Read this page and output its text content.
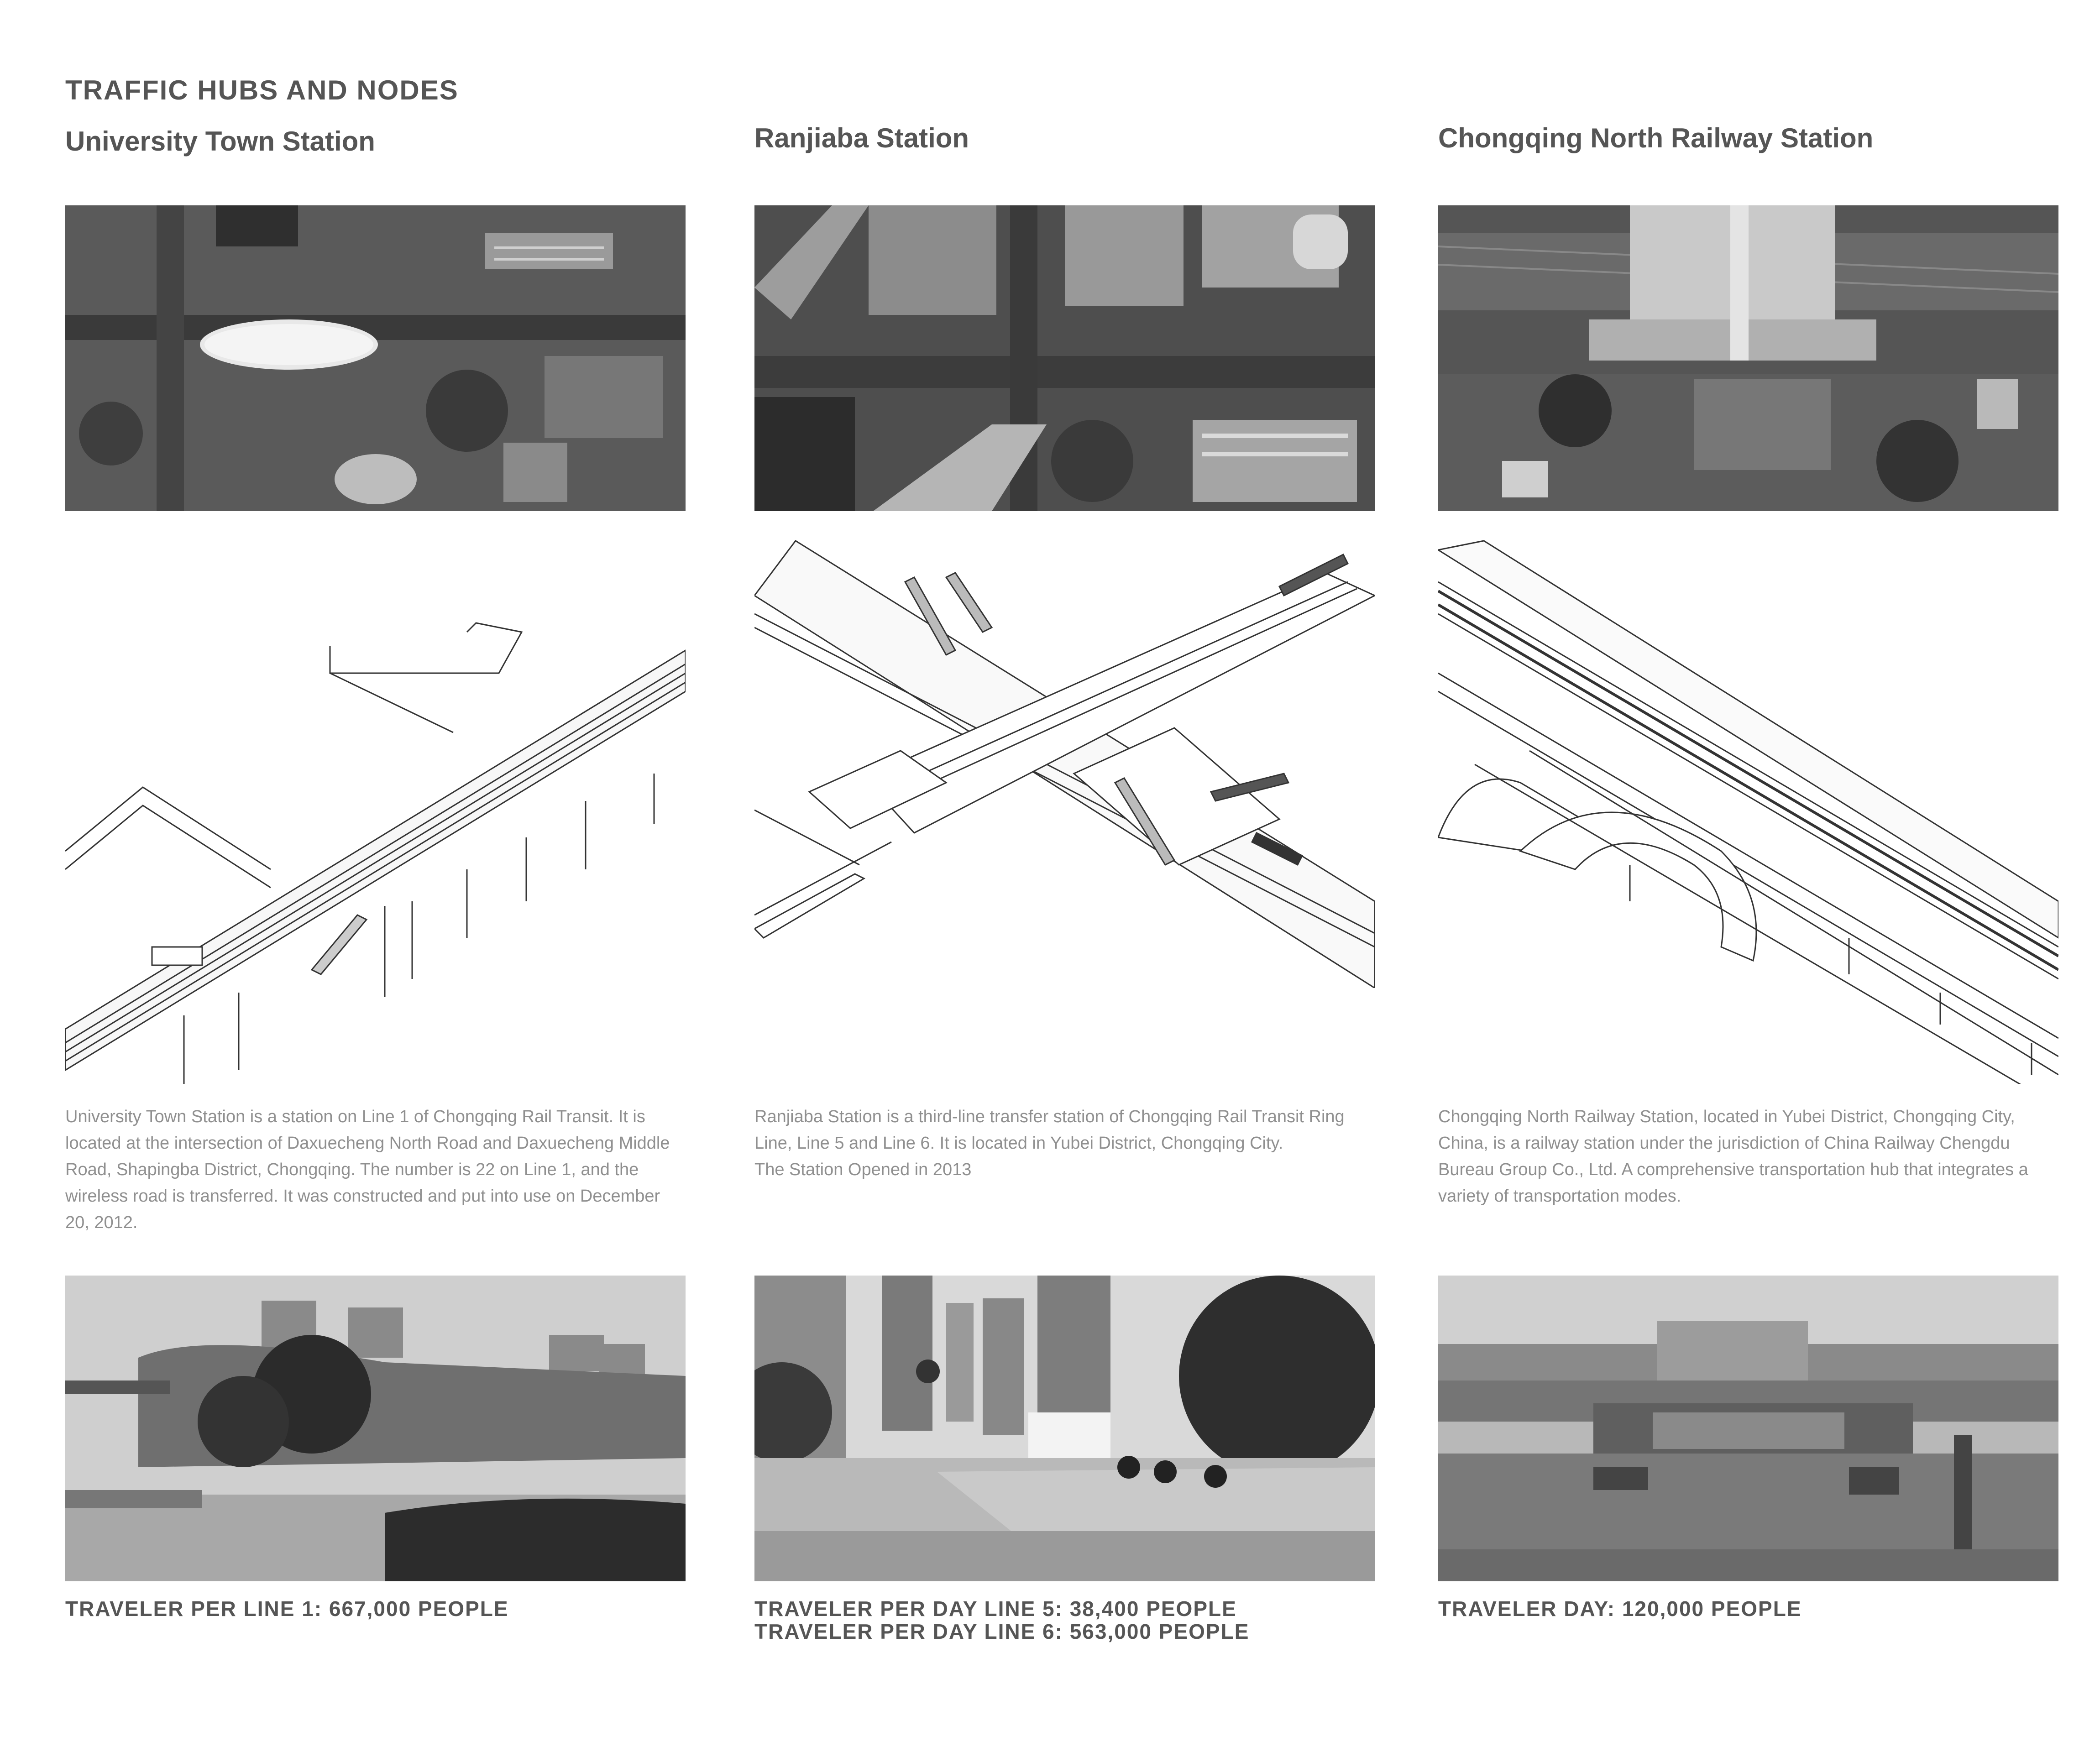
TRAFFIC HUBS AND NODES
University Town Station

University Town Station is a station on Line 1 of Chongqing Rail Transit. It is located at the intersection of Daxuecheng North Road and Daxuecheng Middle Road, Shapingba District, Chongqing. The number is 22 on Line 1, and the wireless road is transferred. It was constructed and put into use on December 20, 2012.

TRAVELER PER LINE 1: 667,000 PEOPLE

Ranjiaba Station

Ranjiaba Station is a third-line transfer station of Chongqing Rail Transit Ring Line, Line 5 and Line 6. It is located in Yubei District, Chongqing City.

The Station Opened in 2013

TRAVELER PER DAY LINE 5: 38,400 PEOPLE

TRAVELER PER DAY LINE 6: 563,000 PEOPLE

Chongqing North Railway Station

Chongqing North Railway Station, located in Yubei District, Chongqing City, China, is a railway station under the jurisdiction of China Railway Chengdu Bureau Group Co., Ltd. A comprehensive transportation hub that integrates a variety of transportation modes.

TRAVELER DAY: 120,000 PEOPLE
